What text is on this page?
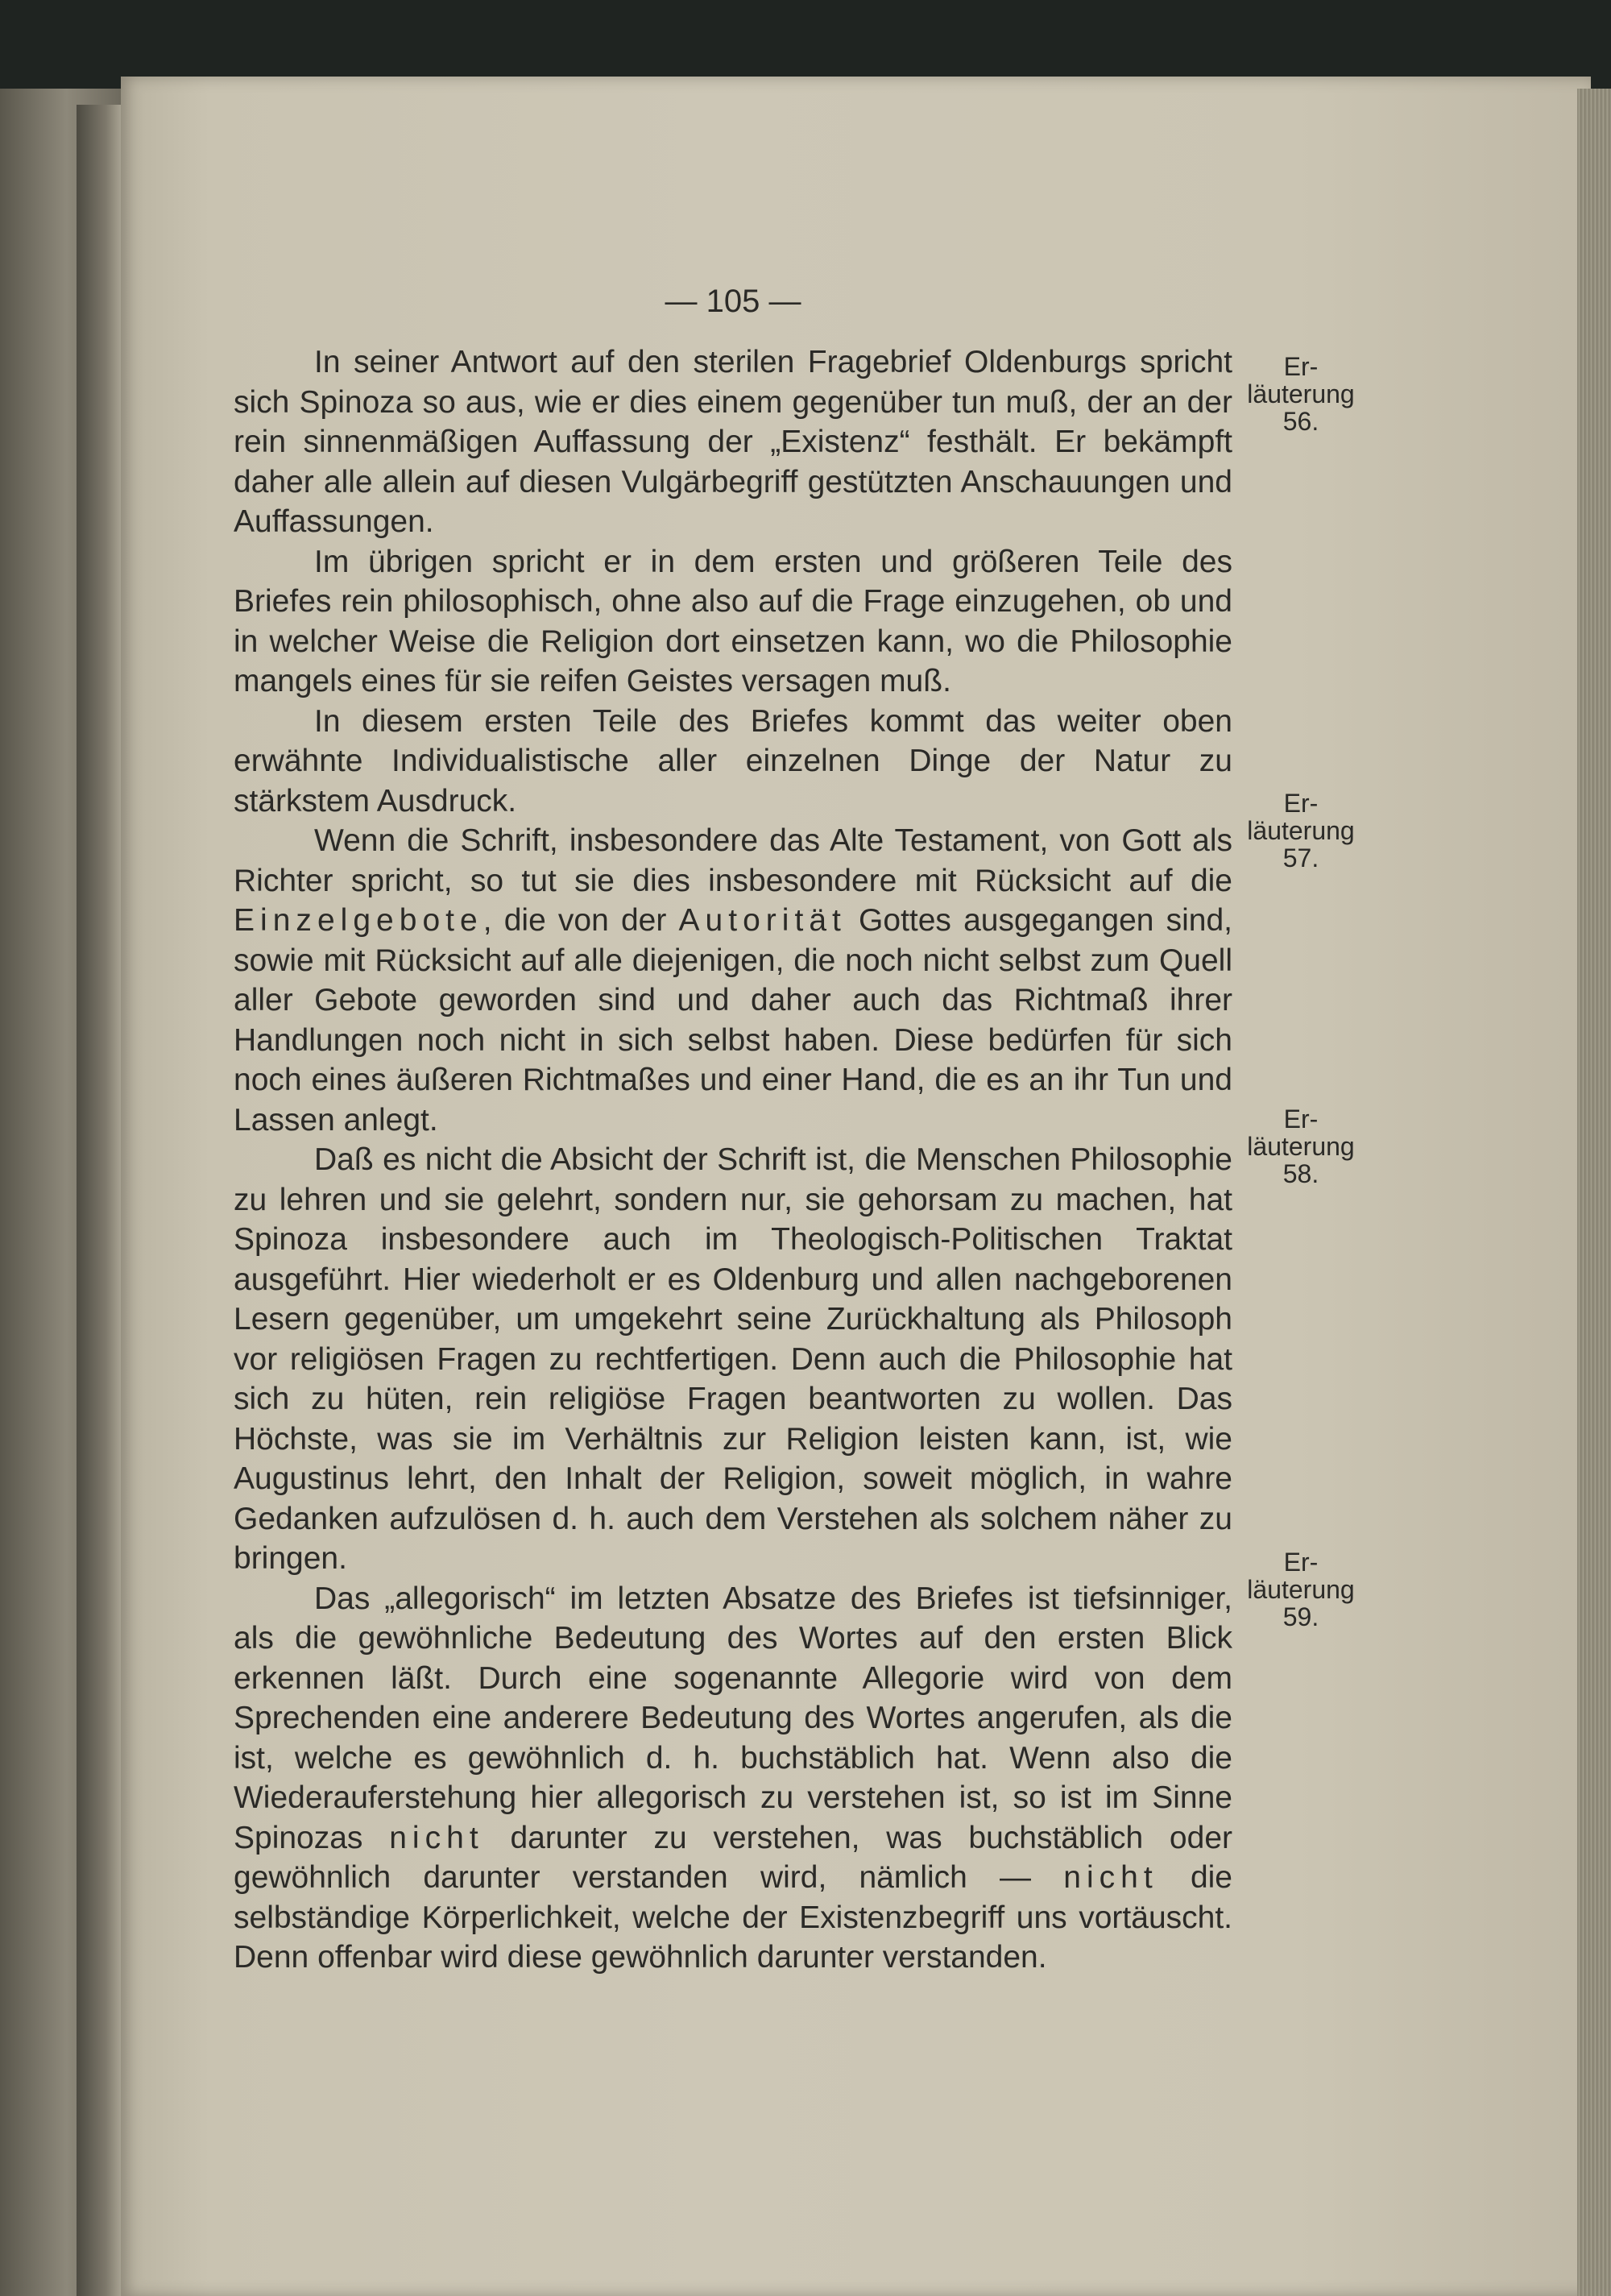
— 105 —

In seiner Antwort auf den sterilen Fragebrief Oldenburgs spricht sich Spinoza so aus, wie er dies einem gegenüber tun muß, der an der rein sinnenmäßigen Auffassung der „Existenz“ festhält. Er bekämpft daher alle allein auf diesen Vulgärbegriff gestützten Anschauungen und Auffassungen.

Im übrigen spricht er in dem ersten und größeren Teile des Briefes rein philosophisch, ohne also auf die Frage einzugehen, ob und in welcher Weise die Religion dort einsetzen kann, wo die Philosophie mangels eines für sie reifen Geistes versagen muß.

In diesem ersten Teile des Briefes kommt das weiter oben erwähnte Individualistische aller einzelnen Dinge der Natur zu stärkstem Ausdruck.

Wenn die Schrift, insbesondere das Alte Testament, von Gott als Richter spricht, so tut sie dies insbesondere mit Rücksicht auf die Einzelgebote, die von der Autorität Gottes ausgegangen sind, sowie mit Rücksicht auf alle diejenigen, die noch nicht selbst zum Quell aller Gebote geworden sind und daher auch das Richtmaß ihrer Handlungen noch nicht in sich selbst haben. Diese bedürfen für sich noch eines äußeren Richtmaßes und einer Hand, die es an ihr Tun und Lassen anlegt.

Daß es nicht die Absicht der Schrift ist, die Menschen Philosophie zu lehren und sie gelehrt, sondern nur, sie gehorsam zu machen, hat Spinoza insbesondere auch im Theologisch-Politischen Traktat ausgeführt. Hier wiederholt er es Oldenburg und allen nachgeborenen Lesern gegenüber, um umgekehrt seine Zurückhaltung als Philosoph vor religiösen Fragen zu rechtfertigen. Denn auch die Philosophie hat sich zu hüten, rein religiöse Fragen beantworten zu wollen. Das Höchste, was sie im Verhältnis zur Religion leisten kann, ist, wie Augustinus lehrt, den Inhalt der Religion, soweit möglich, in wahre Gedanken aufzulösen d. h. auch dem Verstehen als solchem näher zu bringen.

Das „allegorisch“ im letzten Absatze des Briefes ist tiefsinniger, als die gewöhnliche Bedeutung des Wortes auf den ersten Blick erkennen läßt. Durch eine sogenannte Allegorie wird von dem Sprechenden eine anderere Bedeutung des Wortes angerufen, als die ist, welche es gewöhnlich d. h. buchstäblich hat. Wenn also die Wiederauferstehung hier allegorisch zu verstehen ist, so ist im Sinne Spinozas nicht darunter zu verstehen, was buchstäblich oder gewöhnlich darunter verstanden wird, nämlich — nicht die selbständige Körperlichkeit, welche der Existenzbegriff uns vortäuscht. Denn offenbar wird diese gewöhnlich darunter verstanden.

Er-
läuterung
56.
Er-
läuterung
57.
Er-
läuterung
58.
Er-
läuterung
59.
